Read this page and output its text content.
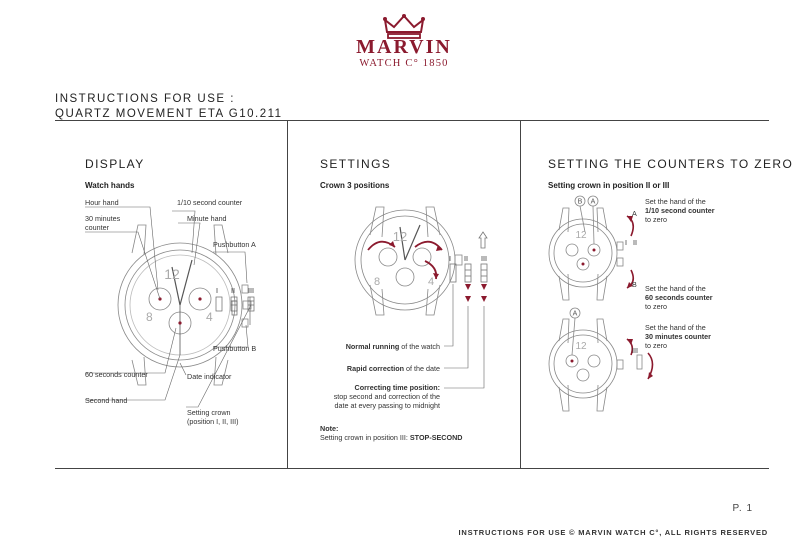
MARVIN
WATCH C° 1850
INSTRUCTIONS FOR USE :
QUARTZ MOVEMENT ETA G10.211
DISPLAY
Watch hands
12
8	4
Hour hand
30 minutes
counter
1/10 second counter
Minute hand
Pushbutton A
Pushbutton B
60 seconds counter	Date indicator
Second hand
Setting crown
(position I, II, III)
I II III
SETTINGS
Crown 3 positions
12
8	4
I II III
Normal running of the watch
Rapid correction of the date
Correcting time position:
stop second and correction of the
date at every passing to midnight
Note:
Setting crown in position III: STOP-SECOND
SETTING THE COUNTERS TO ZERO
Setting crown in position II or III
B A
12
A
B
I II
Set the hand of the
1/10 second counter
to zero
Set the hand of the
60 seconds counter
to zero
A
12	III
Set the hand of the
30 minutes counter
to zero
P. 1
INSTRUCTIONS FOR USE © MARVIN WATCH C°, ALL RIGHTS RESERVED
